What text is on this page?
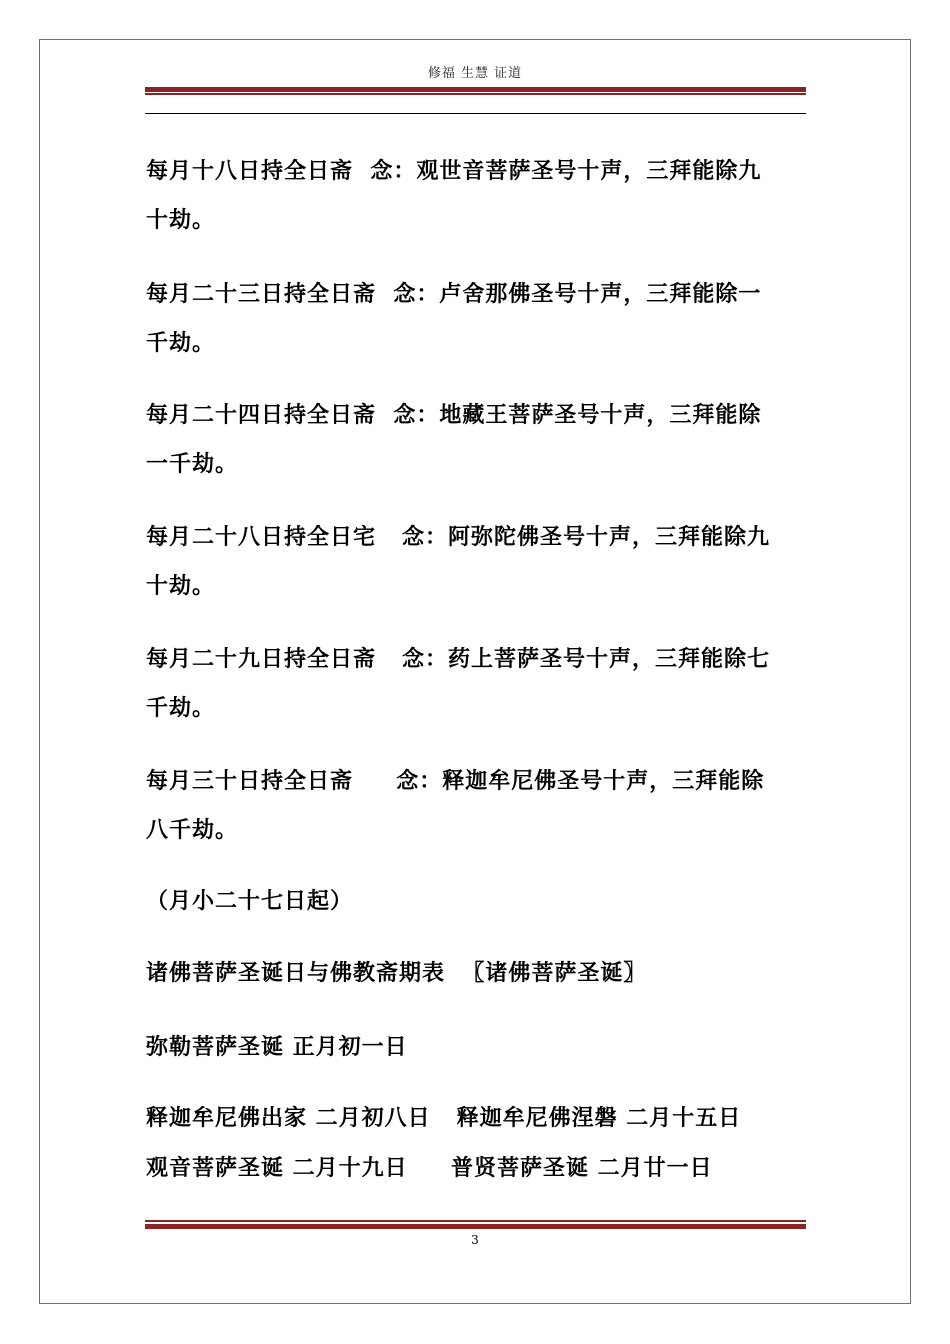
修福 生慧 证道
每月十八日持全日斋  念：观世音菩萨圣号十声，三拜能除九
十劫。
每月二十三日持全日斋  念：卢舍那佛圣号十声，三拜能除一
千劫。
每月二十四日持全日斋  念：地藏王菩萨圣号十声，三拜能除
一千劫。
每月二十八日持全日宅   念：阿弥陀佛圣号十声，三拜能除九
十劫。
每月二十九日持全日斋   念：药上菩萨圣号十声，三拜能除七
千劫。
每月三十日持全日斋     念：释迦牟尼佛圣号十声，三拜能除
八千劫。
（月小二十七日起）
诸佛菩萨圣诞日与佛教斋期表  〖诸佛菩萨圣诞〗
弥勒菩萨圣诞 正月初一日
释迦牟尼佛出家 二月初八日   释迦牟尼佛涅磐 二月十五日
观音菩萨圣诞 二月十九日     普贤菩萨圣诞 二月廿一日
3
